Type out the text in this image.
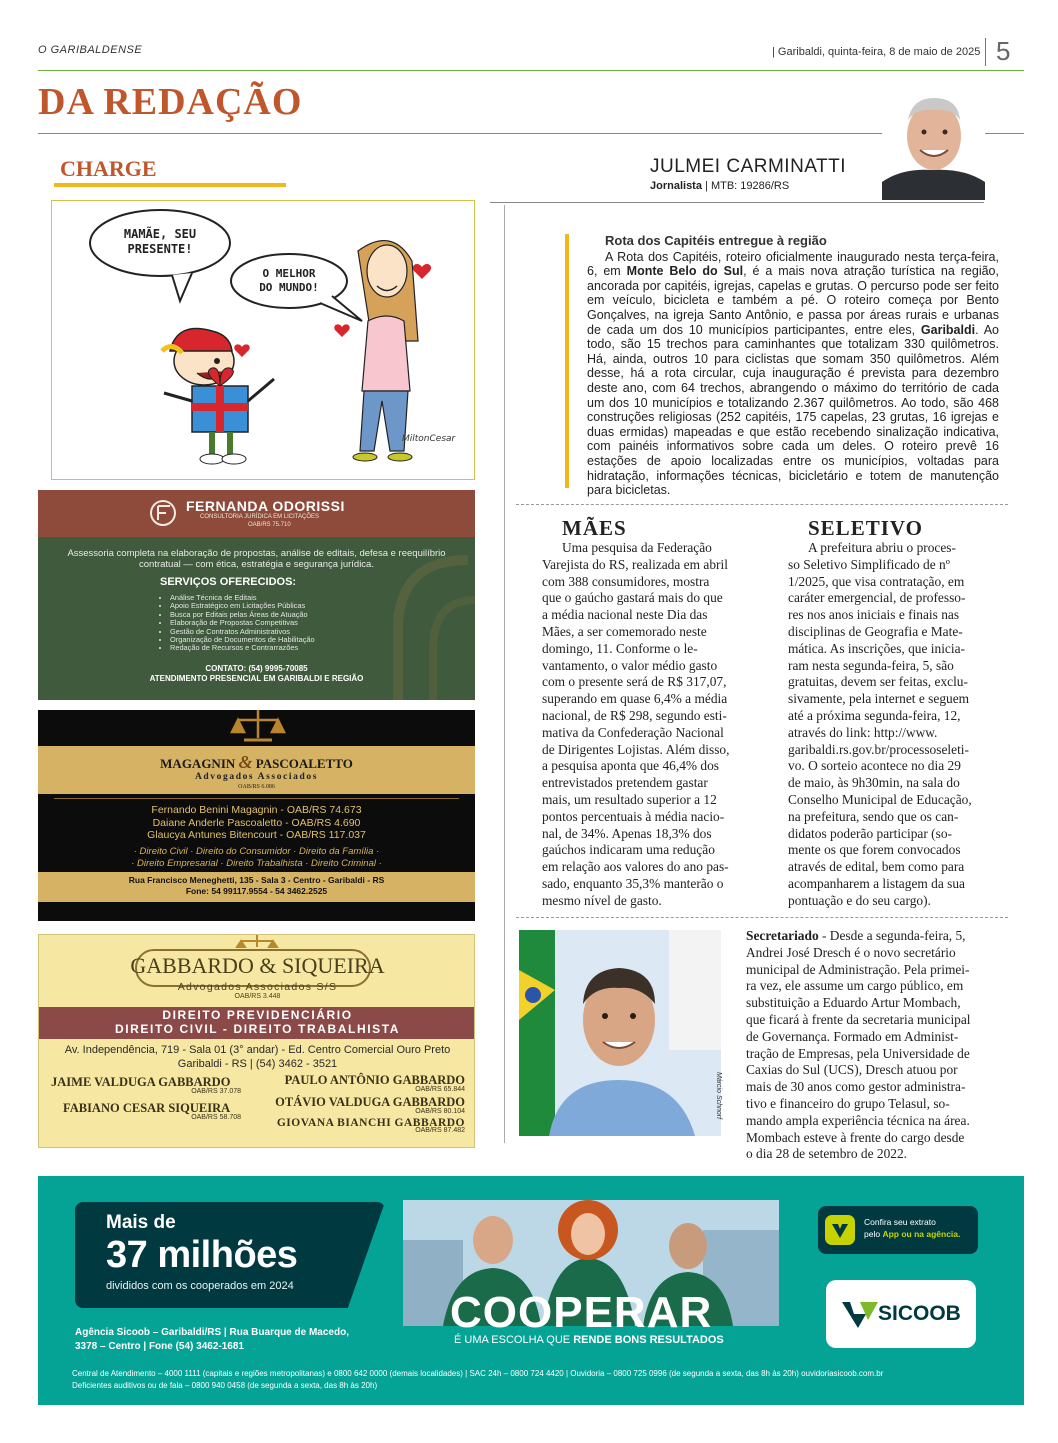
O GARIBALDENSE	| Garibaldi, quinta-feira, 8 de maio de 2025 5
DA REDAÇÃO
CHARGE
MiltonCesar
MAMÃE, SEU
PRESENTE!
O MELHOR
DO MUNDO!
FERNANDA ODORISSI
CONSULTORIA JURÍDICA EM LICITAÇÕES
OAB/RS 75.710
Assessoria completa na elaboração de propostas, análise de editais, defesa e reequilíbrio contratual — com ética, estratégia e segurança jurídica.
SERVIÇOS OFERECIDOS:
• Análise Técnica de Editais
• Apoio Estratégico em Licitações Públicas
• Busca por Editais pelas Áreas de Atuação
• Elaboração de Propostas Competitivas
• Gestão de Contratos Administrativos
• Organização de Documentos de Habilitação
• Redação de Recursos e Contrarrazões
CONTATO: (54) 9995-70085
ATENDIMENTO PRESENCIAL EM GARIBALDI E REGIÃO
MAGAGNIN & PASCOALETTO
Advogados Associados
OAB/RS 6.086
Fernando Benini Magagnin - OAB/RS 74.673
Daiane Anderle Pascoaletto - OAB/RS 4.690
Glaucya Antunes Bitencourt - OAB/RS 117.037
· Direito Civil · Direito do Consumidor · Direito da Família ·
· Direito Empresarial · Direito Trabalhista · Direito Criminal ·
Rua Francisco Meneghetti, 135 - Sala 3 - Centro - Garibaldi - RS
Fone: 54 99117.9554 - 54 3462.2525
GABBARDO & SIQUEIRA
Advogados Associados S/S
OAB/RS 3.448
DIREITO PREVIDENCIÁRIO
DIREITO CIVIL - DIREITO TRABALHISTA
Av. Independência, 719 - Sala 01 (3° andar) - Ed. Centro Comercial Ouro Preto
Garibaldi - RS | (54) 3462 - 3521
JAIME VALDUGA GABBARDO
OAB/RS 37.078
FABIANO CESAR SIQUEIRA
OAB/RS 58.708
PAULO ANTÔNIO GABBARDO
OAB/RS 65.844
OTÁVIO VALDUGA GABBARDO
OAB/RS 80.104
GIOVANA BIANCHI GABBARDO
OAB/RS 87.482
JULMEI CARMINATTI
Jornalista | MTB: 19286/RS
Rota dos Capitéis entregue à região
A Rota dos Capitéis, roteiro oficialmente inaugurado nesta terça-feira, 6, em Monte Belo do Sul, é a mais nova atração turística na região, ancorada por capitéis, igrejas, capelas e grutas. O percurso pode ser feito em veículo, bicicleta e também a pé. O roteiro começa por Bento Gonçalves, na igreja Santo Antônio, e passa por áreas rurais e urbanas de cada um dos 10 municípios participantes, entre eles, Garibaldi. Ao todo, são 15 trechos para caminhantes que totalizam 330 quilômetros. Há, ainda, outros 10 para ciclistas que somam 350 quilômetros. Além desse, há a rota circular, cuja inauguração é prevista para dezembro deste ano, com 64 trechos, abrangendo o máximo do território de cada um dos 10 municípios e totalizando 2.367 quilômetros. Ao todo, são 468 construções religiosas (252 capitéis, 175 capelas, 23 grutas, 16 igrejas e duas ermidas) mapeadas e que estão recebendo sinalização indicativa, com painéis informativos sobre cada um deles. O roteiro prevê 16 estações de apoio localizadas entre os municípios, voltadas para hidratação, informações técnicas, bicicletário e totem de manutenção para bicicletas.
MÃES
Uma pesquisa da Federação
Varejista do RS, realizada em abril
com 388 consumidores, mostra
que o gaúcho gastará mais do que
a média nacional neste Dia das
Mães, a ser comemorado neste
domingo, 11. Conforme o le-
vantamento, o valor médio gasto
com o presente será de R$ 317,07,
superando em quase 6,4% a média
nacional, de R$ 298, segundo esti-
mativa da Confederação Nacional
de Dirigentes Lojistas. Além disso,
a pesquisa aponta que 46,4% dos
entrevistados pretendem gastar
mais, um resultado superior a 12
pontos percentuais à média nacio-
nal, de 34%. Apenas 18,3% dos
gaúchos indicaram uma redução
em relação aos valores do ano pas-
sado, enquanto 35,3% manterão o
mesmo nível de gasto.
SELETIVO
A prefeitura abriu o proces-
so Seletivo Simplificado de nº
1/2025, que visa contratação, em
caráter emergencial, de professo-
res nos anos iniciais e finais nas
disciplinas de Geografia e Mate-
mática. As inscrições, que inicia-
ram nesta segunda-feira, 5, são
gratuitas, devem ser feitas, exclu-
sivamente, pela internet e seguem
até a próxima segunda-feira, 12,
através do link: http://www.
garibaldi.rs.gov.br/processoseleti-
vo. O sorteio acontece no dia 29
de maio, às 9h30min, na sala do
Conselho Municipal de Educação,
na prefeitura, sendo que os can-
didatos poderão participar (so-
mente os que forem convocados
através de edital, bem como para
acompanharem a listagem da sua
pontuação e do seu cargo).
Márcio Schnorf
Secretariado - Desde a segunda-feira, 5,
Andrei José Dresch é o novo secretário
municipal de Administração. Pela primei-
ra vez, ele assume um cargo público, em
substituição a Eduardo Artur Mombach,
que ficará à frente da secretaria municipal
de Governança. Formado em Administ-
tração de Empresas, pela Universidade de
Caxias do Sul (UCS), Dresch atuou por
mais de 30 anos como gestor administra-
tivo e financeiro do grupo Telasul, so-
mando ampla experiência técnica na área.
Mombach esteve à frente do cargo desde
o dia 28 de setembro de 2022.
Mais de
37 milhões
divididos com os cooperados em 2024
Agência Sicoob – Garibaldi/RS | Rua Buarque de Macedo,
3378 – Centro | Fone (54) 3462-1681
COOPERAR
É UMA ESCOLHA QUE RENDE BONS RESULTADOS
Confira seu extrato
pelo App ou na agência.
SICOOB
Central de Atendimento – 4000 1111 (capitais e regiões metropolitanas) e 0800 642 0000 (demais localidades) | SAC 24h – 0800 724 4420 | Ouvidoria – 0800 725 0996 (de segunda a sexta, das 8h às 20h) ouvidoriasicoob.com.br
Deficientes auditivos ou de fala – 0800 940 0458 (de segunda a sexta, das 8h às 20h)
